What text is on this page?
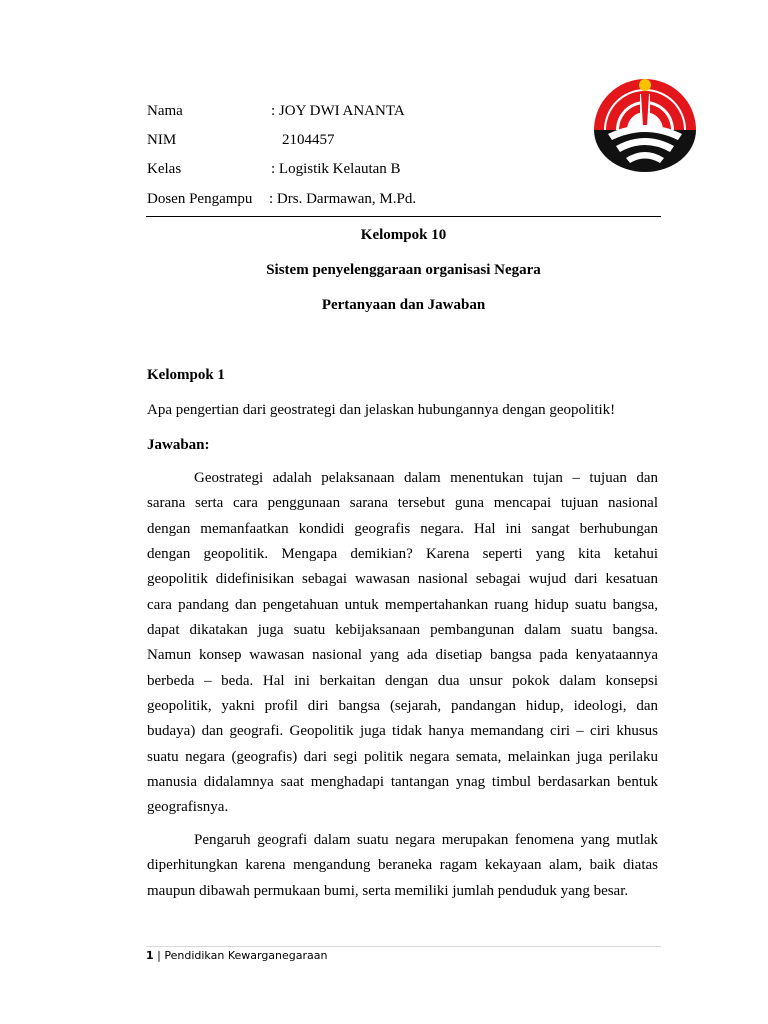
Nama	: JOY DWI ANANTA
NIM	2104457
Kelas	: Logistik Kelautan B
Dosen Pengampu : Drs. Darmawan, M.Pd.
Kelompok 10
Sistem penyelenggaraan organisasi Negara
Pertanyaan dan Jawaban
Kelompok 1
Apa pengertian dari geostrategi dan jelaskan hubungannya dengan geopolitik!
Jawaban:
Geostrategi adalah pelaksanaan dalam menentukan tujan – tujuan dan
sarana serta cara penggunaan sarana tersebut guna mencapai tujuan nasional
dengan memanfaatkan kondidi geografis negara. Hal ini sangat berhubungan
dengan geopolitik. Mengapa demikian? Karena seperti yang kita ketahui
geopolitik didefinisikan sebagai wawasan nasional sebagai wujud dari kesatuan
cara pandang dan pengetahuan untuk mempertahankan ruang hidup suatu bangsa,
dapat dikatakan juga suatu kebijaksanaan pembangunan dalam suatu bangsa.
Namun konsep wawasan nasional yang ada disetiap bangsa pada kenyataannya
berbeda – beda. Hal ini berkaitan dengan dua unsur pokok dalam konsepsi
geopolitik, yakni profil diri bangsa (sejarah, pandangan hidup, ideologi, dan
budaya) dan geografi. Geopolitik juga tidak hanya memandang ciri – ciri khusus
suatu negara (geografis) dari segi politik negara semata, melainkan juga perilaku
manusia didalamnya saat menghadapi tantangan ynag timbul berdasarkan bentuk
geografisnya.
Pengaruh geografi dalam suatu negara merupakan fenomena yang mutlak
diperhitungkan karena mengandung beraneka ragam kekayaan alam, baik diatas
maupun dibawah permukaan bumi, serta memiliki jumlah penduduk yang besar.
1 | Pendidikan Kewarganegaraan
